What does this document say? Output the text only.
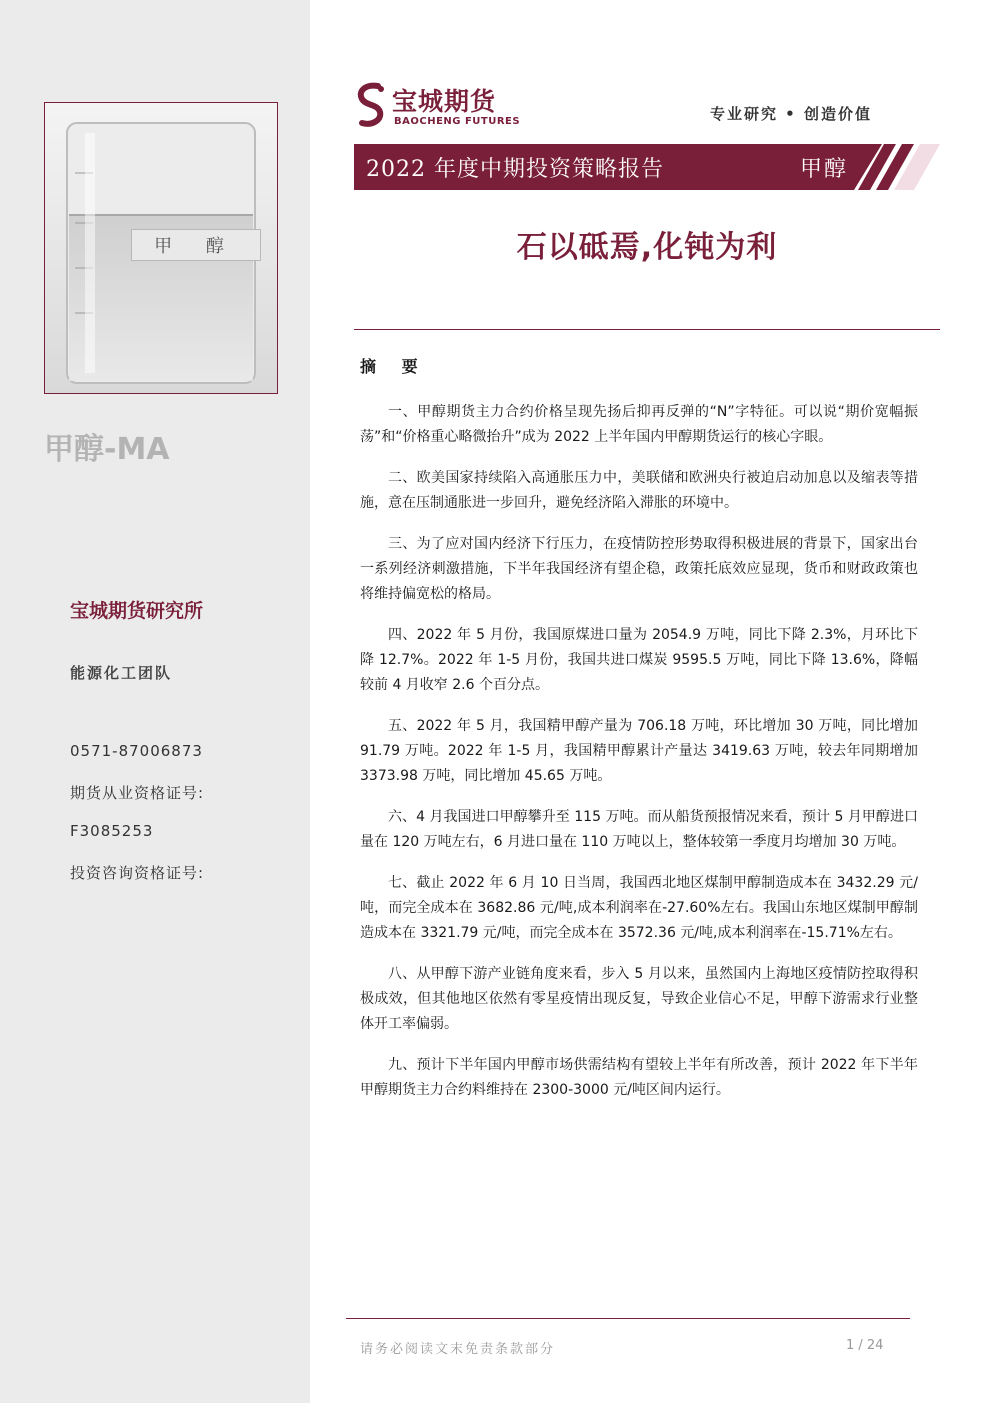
甲 醇
甲醇-MA
宝城期货研究所
能源化工团队
0571-87006873
期货从业资格证号:
F3085253
投资咨询资格证号:
宝城期货
BAOCHENG FUTURES	专业研究 • 创造价值
2022 年度中期投资策略报告	甲醇
石以砥焉,化钝为利
摘 要

一、甲醇期货主力合约价格呈现先扬后抑再反弹的“N”字特征。可以说“期价宽幅振荡”和“价格重心略微抬升”成为 2022 上半年国内甲醇期货运行的核心字眼。

二、欧美国家持续陷入高通胀压力中，美联储和欧洲央行被迫启动加息以及缩表等措施，意在压制通胀进一步回升，避免经济陷入滞胀的环境中。

三、为了应对国内经济下行压力，在疫情防控形势取得积极进展的背景下，国家出台一系列经济刺激措施，下半年我国经济有望企稳，政策托底效应显现，货币和财政政策也将维持偏宽松的格局。

四、2022 年 5 月份，我国原煤进口量为 2054.9 万吨，同比下降 2.3%，月环比下降 12.7%。2022 年 1-5 月份，我国共进口煤炭 9595.5 万吨，同比下降 13.6%，降幅较前 4 月收窄 2.6 个百分点。

五、2022 年 5 月，我国精甲醇产量为 706.18 万吨，环比增加 30 万吨，同比增加 91.79 万吨。2022 年 1-5 月，我国精甲醇累计产量达 3419.63 万吨，较去年同期增加 3373.98 万吨，同比增加 45.65 万吨。

六、4 月我国进口甲醇攀升至 115 万吨。而从船货预报情况来看，预计 5 月甲醇进口量在 120 万吨左右，6 月进口量在 110 万吨以上，整体较第一季度月均增加 30 万吨。

七、截止 2022 年 6 月 10 日当周，我国西北地区煤制甲醇制造成本在 3432.29 元/吨，而完全成本在 3682.86 元/吨,成本利润率在-27.60%左右。我国山东地区煤制甲醇制造成本在 3321.79 元/吨，而完全成本在 3572.36 元/吨,成本利润率在-15.71%左右。

八、从甲醇下游产业链角度来看，步入 5 月以来，虽然国内上海地区疫情防控取得积极成效，但其他地区依然有零星疫情出现反复，导致企业信心不足，甲醇下游需求行业整体开工率偏弱。

九、预计下半年国内甲醇市场供需结构有望较上半年有所改善，预计 2022 年下半年甲醇期货主力合约料维持在 2300-3000 元/吨区间内运行。

请务必阅读文末免责条款部分	1 / 24
